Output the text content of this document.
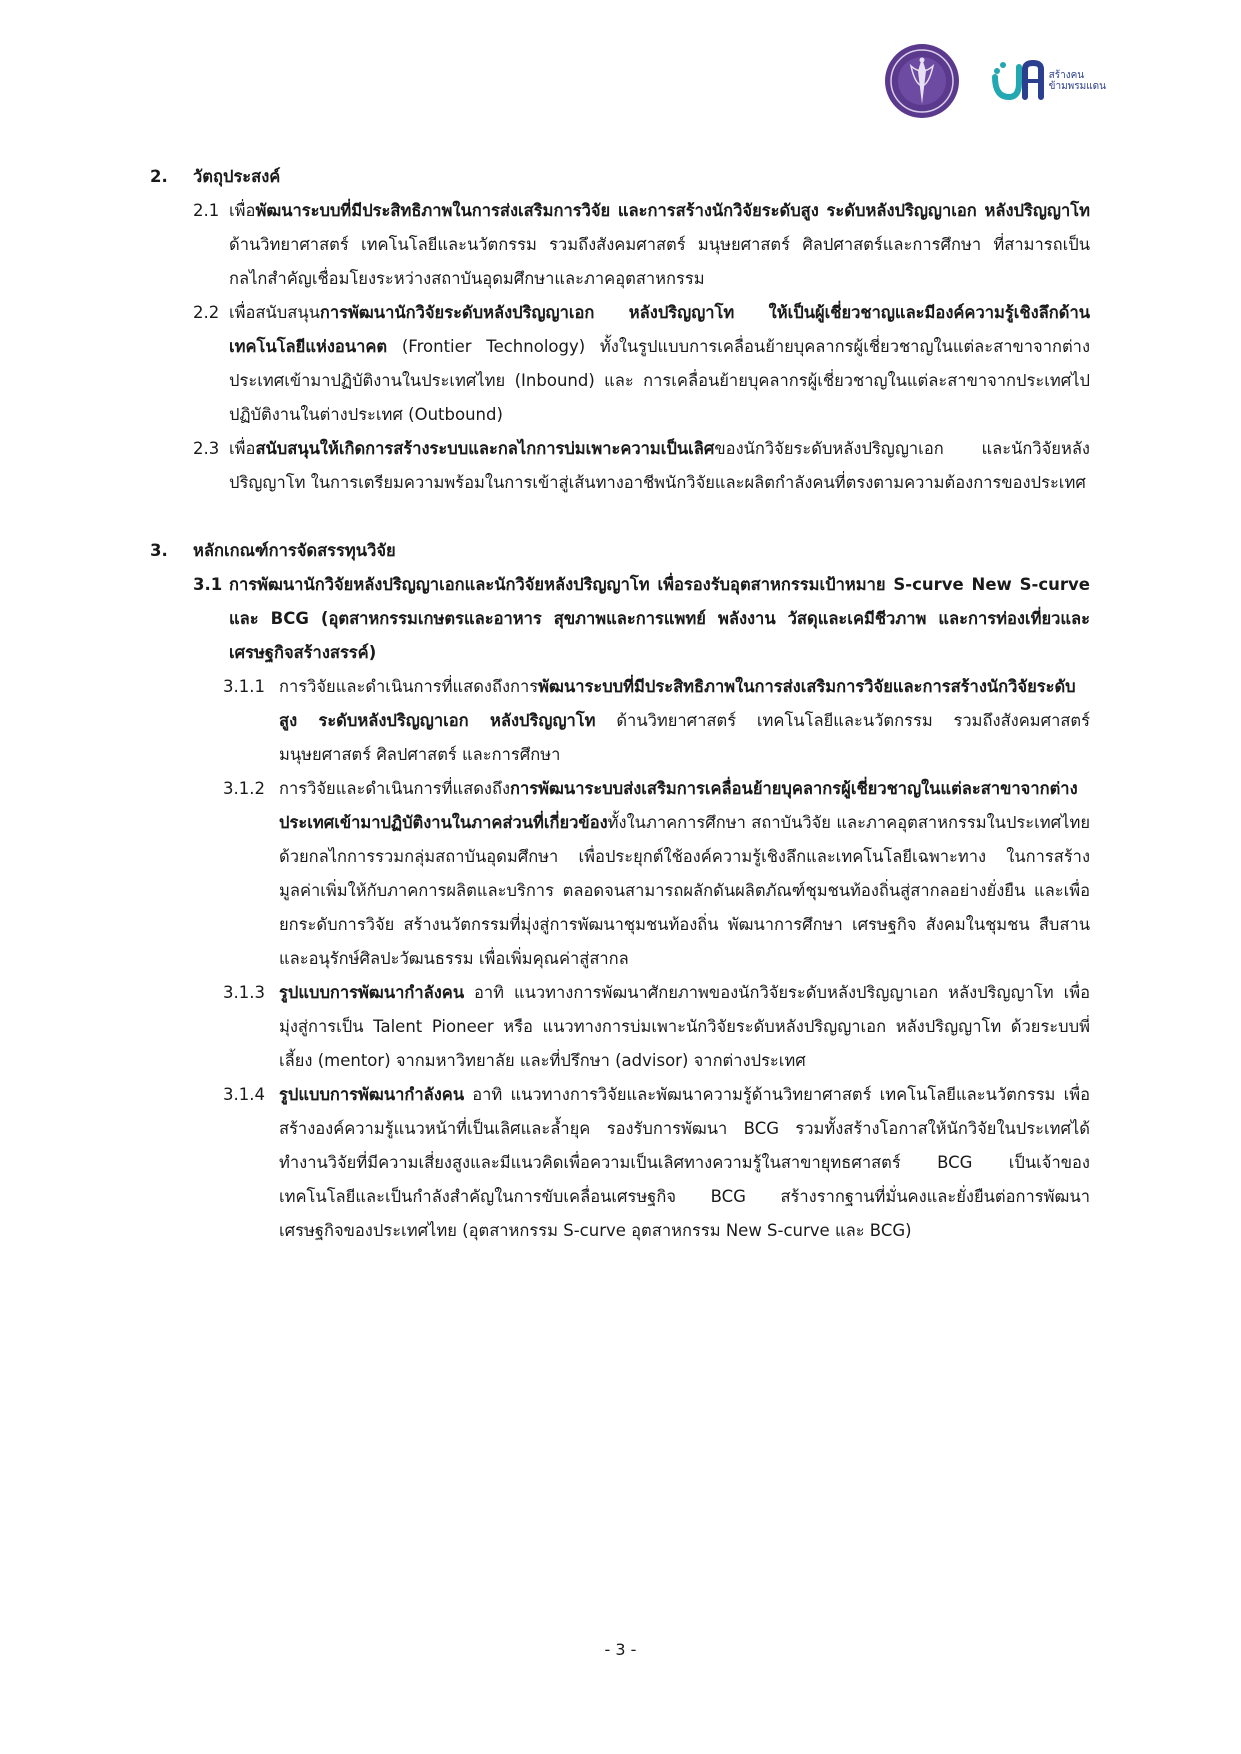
สร้างคน
ข้ามพรมแดน
2.	วัตถุประสงค์
2.1 เพื่อพัฒนาระบบที่มีประสิทธิภาพในการส่งเสริมการวิจัย และการสร้างนักวิจัยระดับสูง ระดับหลังปริญญาเอก หลังปริญญาโท ด้านวิทยาศาสตร์ เทคโนโลยีและนวัตกรรม รวมถึงสังคมศาสตร์ มนุษยศาสตร์ ศิลปศาสตร์และการศึกษา ที่สามารถเป็นกลไกสำคัญเชื่อมโยงระหว่างสถาบันอุดมศึกษาและภาคอุตสาหกรรม
2.2 เพื่อสนับสนุนการพัฒนานักวิจัยระดับหลังปริญญาเอก หลังปริญญาโท ให้เป็นผู้เชี่ยวชาญและมีองค์ความรู้เชิงลึกด้านเทคโนโลยีแห่งอนาคต (Frontier Technology) ทั้งในรูปแบบการเคลื่อนย้ายบุคลากรผู้เชี่ยวชาญในแต่ละสาขาจากต่างประเทศเข้ามาปฏิบัติงานในประเทศไทย (Inbound) และ การเคลื่อนย้ายบุคลากรผู้เชี่ยวชาญในแต่ละสาขาจากประเทศไปปฏิบัติงานในต่างประเทศ (Outbound)
2.3 เพื่อสนับสนุนให้เกิดการสร้างระบบและกลไกการบ่มเพาะความเป็นเลิศของนักวิจัยระดับหลังปริญญาเอก และนักวิจัยหลังปริญญาโท ในการเตรียมความพร้อมในการเข้าสู่เส้นทางอาชีพนักวิจัยและผลิตกำลังคนที่ตรงตามความต้องการของประเทศ
3.	หลักเกณฑ์การจัดสรรทุนวิจัย
3.1 การพัฒนานักวิจัยหลังปริญญาเอกและนักวิจัยหลังปริญญาโท เพื่อรองรับอุตสาหกรรมเป้าหมาย S-curve New S-curve และ BCG (อุตสาหกรรมเกษตรและอาหาร สุขภาพและการแพทย์ พลังงาน วัสดุและเคมีชีวภาพ และการท่องเที่ยวและเศรษฐกิจสร้างสรรค์)
3.1.1 การวิจัยและดำเนินการที่แสดงถึงการพัฒนาระบบที่มีประสิทธิภาพในการส่งเสริมการวิจัยและการสร้างนักวิจัยระดับสูง ระดับหลังปริญญาเอก หลังปริญญาโท ด้านวิทยาศาสตร์ เทคโนโลยีและนวัตกรรม รวมถึงสังคมศาสตร์ มนุษยศาสตร์ ศิลปศาสตร์ และการศึกษา
3.1.2 การวิจัยและดำเนินการที่แสดงถึงการพัฒนาระบบส่งเสริมการเคลื่อนย้ายบุคลากรผู้เชี่ยวชาญในแต่ละสาขาจากต่างประเทศเข้ามาปฏิบัติงานในภาคส่วนที่เกี่ยวข้องทั้งในภาคการศึกษา สถาบันวิจัย และภาคอุตสาหกรรมในประเทศไทย ด้วยกลไกการรวมกลุ่มสถาบันอุดมศึกษา เพื่อประยุกต์ใช้องค์ความรู้เชิงลึกและเทคโนโลยีเฉพาะทาง ในการสร้างมูลค่าเพิ่มให้กับภาคการผลิตและบริการ ตลอดจนสามารถผลักดันผลิตภัณฑ์ชุมชนท้องถิ่นสู่สากลอย่างยั่งยืน และเพื่อยกระดับการวิจัย สร้างนวัตกรรมที่มุ่งสู่การพัฒนาชุมชนท้องถิ่น พัฒนาการศึกษา เศรษฐกิจ สังคมในชุมชน สืบสานและอนุรักษ์ศิลปะวัฒนธรรม เพื่อเพิ่มคุณค่าสู่สากล
3.1.3 รูปแบบการพัฒนากำลังคน อาทิ แนวทางการพัฒนาศักยภาพของนักวิจัยระดับหลังปริญญาเอก หลังปริญญาโท เพื่อมุ่งสู่การเป็น Talent Pioneer หรือ แนวทางการบ่มเพาะนักวิจัยระดับหลังปริญญาเอก หลังปริญญาโท ด้วยระบบพี่เลี้ยง (mentor) จากมหาวิทยาลัย และที่ปรึกษา (advisor) จากต่างประเทศ
3.1.4 รูปแบบการพัฒนากำลังคน อาทิ แนวทางการวิจัยและพัฒนาความรู้ด้านวิทยาศาสตร์ เทคโนโลยีและนวัตกรรม เพื่อสร้างองค์ความรู้แนวหน้าที่เป็นเลิศและล้ำยุค รองรับการพัฒนา BCG รวมทั้งสร้างโอกาสให้นักวิจัยในประเทศได้ทำงานวิจัยที่มีความเสี่ยงสูงและมีแนวคิดเพื่อความเป็นเลิศทางความรู้ในสาขายุทธศาสตร์ BCG เป็นเจ้าของเทคโนโลยีและเป็นกำลังสำคัญในการขับเคลื่อนเศรษฐกิจ BCG สร้างรากฐานที่มั่นคงและยั่งยืนต่อการพัฒนาเศรษฐกิจของประเทศไทย (อุตสาหกรรม S-curve อุตสาหกรรม New S-curve และ BCG)
- 3 -
